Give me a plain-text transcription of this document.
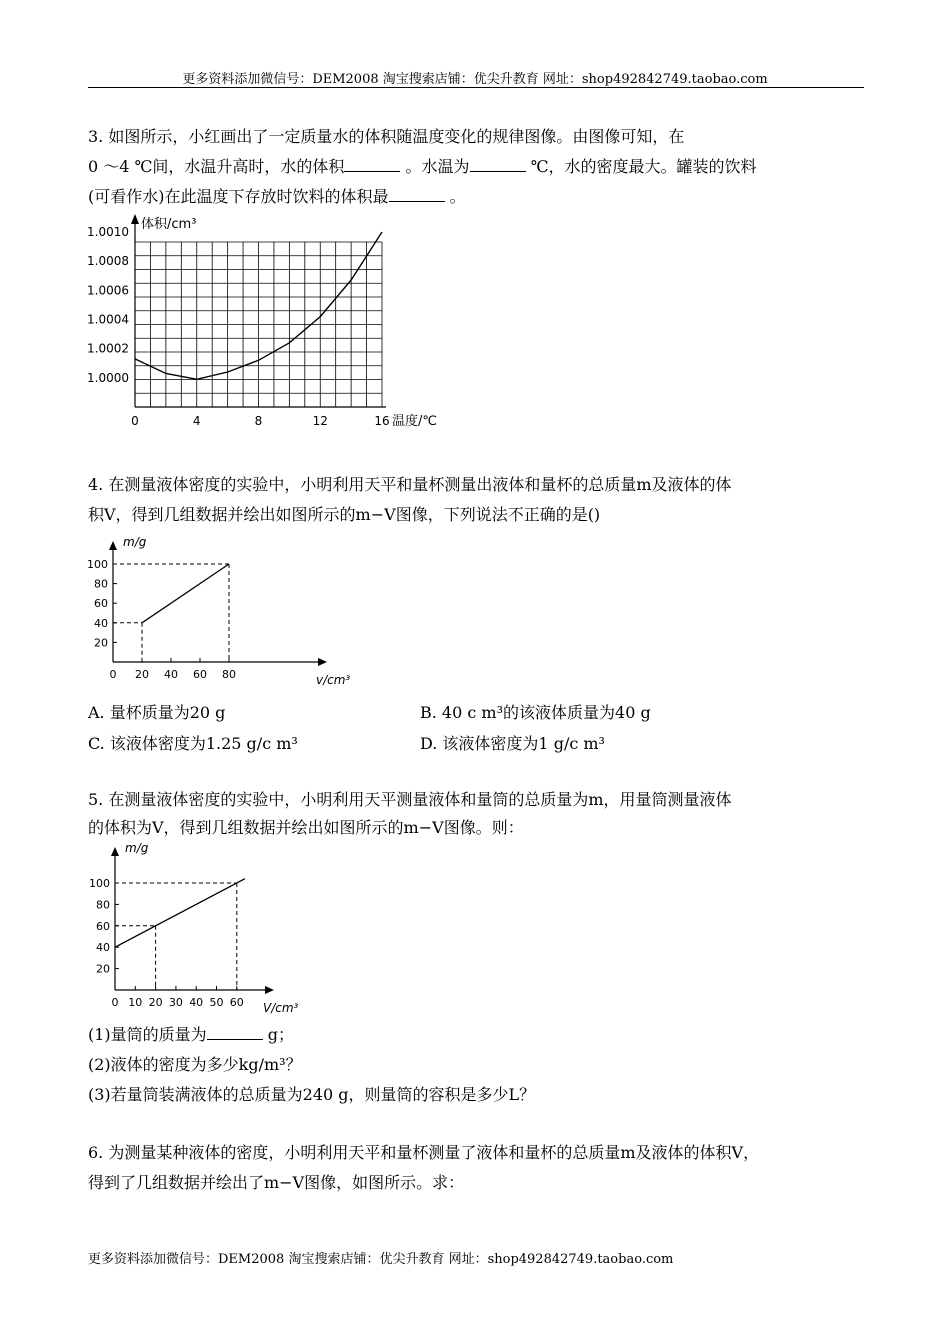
更多资料添加微信号：DEM2008 淘宝搜索店铺：优尖升教育 网址：shop492842749.taobao.com
3. 如图所示，小红画出了一定质量水的体积随温度变化的规律图像。由图像可知，在
0 ～4 ℃间，水温升高时，水的体积	。水温为	℃，水的密度最大。罐装的饮料
(可看作水)在此温度下存放时饮料的体积最	。
1.0000
1.0002
1.0004
1.0006
1.0008
1.0010
0	4	8	12	16
体积/cm³
温度/℃
4. 在测量液体密度的实验中，小明利用天平和量杯测量出液体和量杯的总质量m及液体的体
积V，得到几组数据并绘出如图所示的m−V图像，下列说法不正确的是()
20
40
60
80
100
0 20 40 60 80
m/g
v/cm³
A. 量杯质量为20 g	B. 40 c m³的该液体质量为40 g
C. 该液体密度为1.25 g/c m³	D. 该液体密度为1 g/c m³
5. 在测量液体密度的实验中，小明利用天平测量液体和量筒的总质量为m，用量筒测量液体
的体积为V，得到几组数据并绘出如图所示的m−V图像。则：
20
40
60
80
100
0 10 20 30 40 50 60
m/g
V/cm³
(1)量筒的质量为	g；
(2)液体的密度为多少kg/m³？
(3)若量筒装满液体的总质量为240 g，则量筒的容积是多少L？
6. 为测量某种液体的密度，小明利用天平和量杯测量了液体和量杯的总质量m及液体的体积V，
得到了几组数据并绘出了m−V图像，如图所示。求：
更多资料添加微信号：DEM2008 淘宝搜索店铺：优尖升教育 网址：shop492842749.taobao.com
